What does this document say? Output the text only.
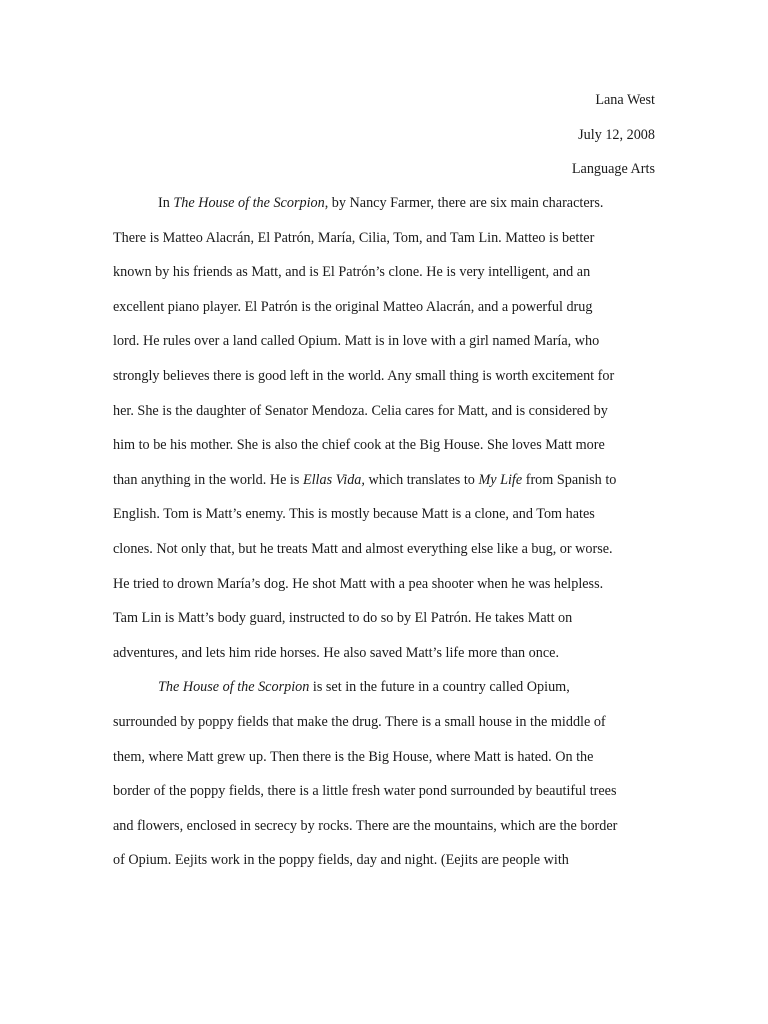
Lana West
July 12, 2008
Language Arts
In The House of the Scorpion, by Nancy Farmer, there are six main characters.
There is Matteo Alacrán, El Patrón, María, Cilia, Tom, and Tam Lin. Matteo is better
known by his friends as Matt, and is El Patrón’s clone. He is very intelligent, and an
excellent piano player. El Patrón is the original Matteo Alacrán, and a powerful drug
lord. He rules over a land called Opium. Matt is in love with a girl named María, who
strongly believes there is good left in the world. Any small thing is worth excitement for
her. She is the daughter of Senator Mendoza. Celia cares for Matt, and is considered by
him to be his mother. She is also the chief cook at the Big House. She loves Matt more
than anything in the world. He is Ellas Vida, which translates to My Life from Spanish to
English. Tom is Matt’s enemy. This is mostly because Matt is a clone, and Tom hates
clones. Not only that, but he treats Matt and almost everything else like a bug, or worse.
He tried to drown María’s dog. He shot Matt with a pea shooter when he was helpless.
Tam Lin is Matt’s body guard, instructed to do so by El Patrón. He takes Matt on
adventures, and lets him ride horses. He also saved Matt’s life more than once.
The House of the Scorpion is set in the future in a country called Opium,
surrounded by poppy fields that make the drug. There is a small house in the middle of
them, where Matt grew up. Then there is the Big House, where Matt is hated. On the
border of the poppy fields, there is a little fresh water pond surrounded by beautiful trees
and flowers, enclosed in secrecy by rocks. There are the mountains, which are the border
of Opium. Eejits work in the poppy fields, day and night. (Eejits are people with
